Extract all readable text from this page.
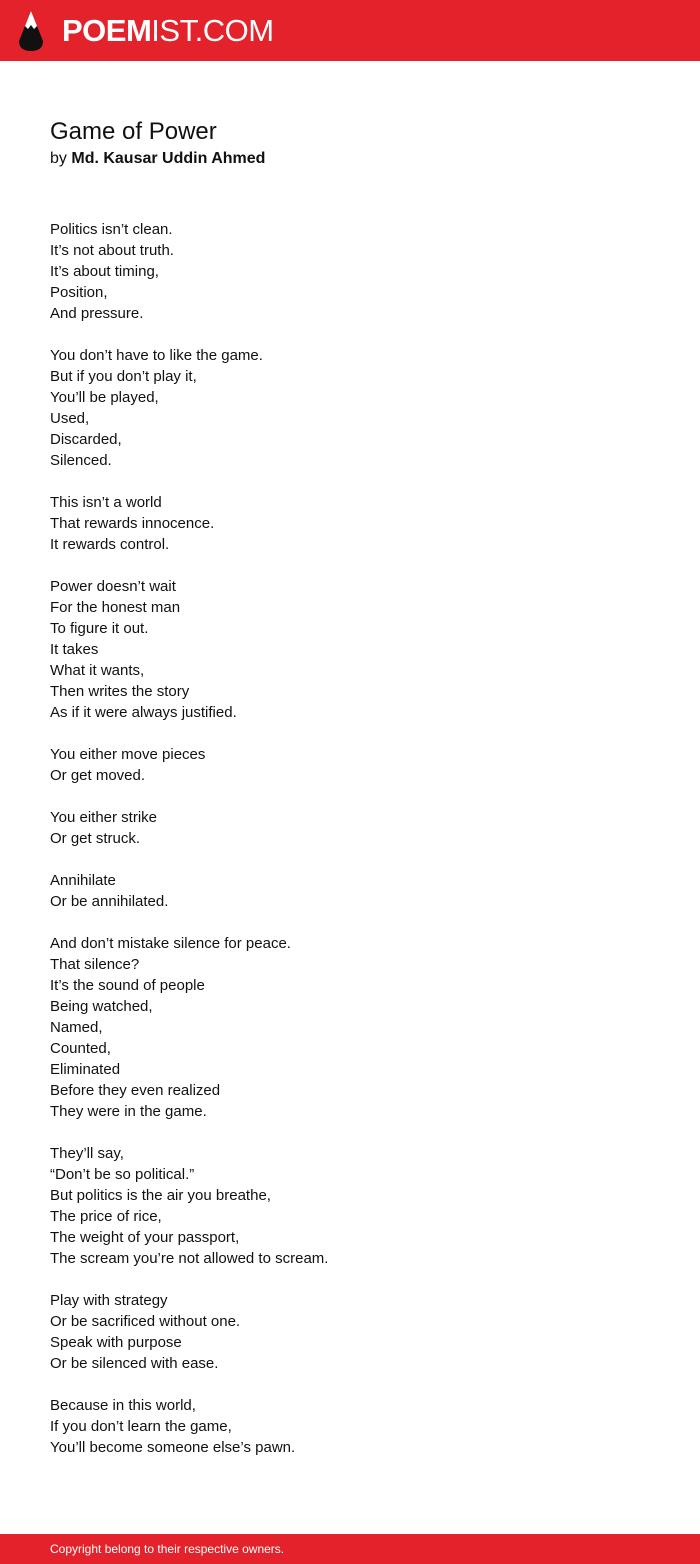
POEMIST.COM
Game of Power
by Md. Kausar Uddin Ahmed
Politics isn’t clean.
It’s not about truth.
It’s about timing,
Position,
And pressure.
You don’t have to like the game.
But if you don’t play it,
You’ll be played,
Used,
Discarded,
Silenced.
This isn’t a world
That rewards innocence.
It rewards control.
Power doesn’t wait
For the honest man
To figure it out.
It takes
What it wants,
Then writes the story
As if it were always justified.
You either move pieces
Or get moved.
You either strike
Or get struck.
Annihilate
Or be annihilated.
And don’t mistake silence for peace.
That silence?
It’s the sound of people
Being watched,
Named,
Counted,
Eliminated
Before they even realized
They were in the game.
They’ll say,
“Don’t be so political.”
But politics is the air you breathe,
The price of rice,
The weight of your passport,
The scream you’re not allowed to scream.
Play with strategy
Or be sacrificed without one.
Speak with purpose
Or be silenced with ease.
Because in this world,
If you don’t learn the game,
You’ll become someone else’s pawn.
Copyright belong to their respective owners.
